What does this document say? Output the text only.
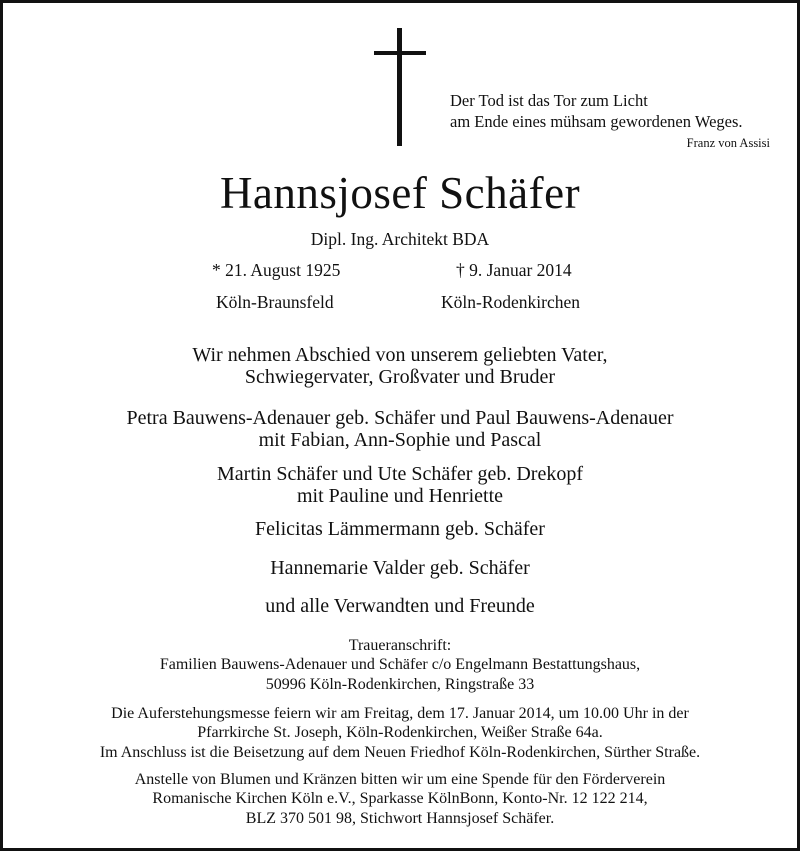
Der Tod ist das Tor zum Licht
am Ende eines mühsam gewordenen Weges.
Franz von Assisi
Hannsjosef Schäfer
Dipl. Ing. Architekt BDA
* 21. August 1925	† 9. Januar 2014
Köln-Braunsfeld	Köln-Rodenkirchen
Wir nehmen Abschied von unserem geliebten Vater,
Schwiegervater, Großvater und Bruder
Petra Bauwens-Adenauer geb. Schäfer und Paul Bauwens-Adenauer
mit Fabian, Ann-Sophie und Pascal
Martin Schäfer und Ute Schäfer geb. Drekopf
mit Pauline und Henriette
Felicitas Lämmermann geb. Schäfer
Hannemarie Valder geb. Schäfer
und alle Verwandten und Freunde
Traueranschrift:
Familien Bauwens-Adenauer und Schäfer c/o Engelmann Bestattungshaus,
50996 Köln-Rodenkirchen, Ringstraße 33
Die Auferstehungsmesse feiern wir am Freitag, dem 17. Januar 2014, um 10.00 Uhr in der
Pfarrkirche St. Joseph, Köln-Rodenkirchen, Weißer Straße 64a.
Im Anschluss ist die Beisetzung auf dem Neuen Friedhof Köln-Rodenkirchen, Sürther Straße.
Anstelle von Blumen und Kränzen bitten wir um eine Spende für den Förderverein
Romanische Kirchen Köln e.V., Sparkasse KölnBonn, Konto-Nr. 12 122 214,
BLZ 370 501 98, Stichwort Hannsjosef Schäfer.
